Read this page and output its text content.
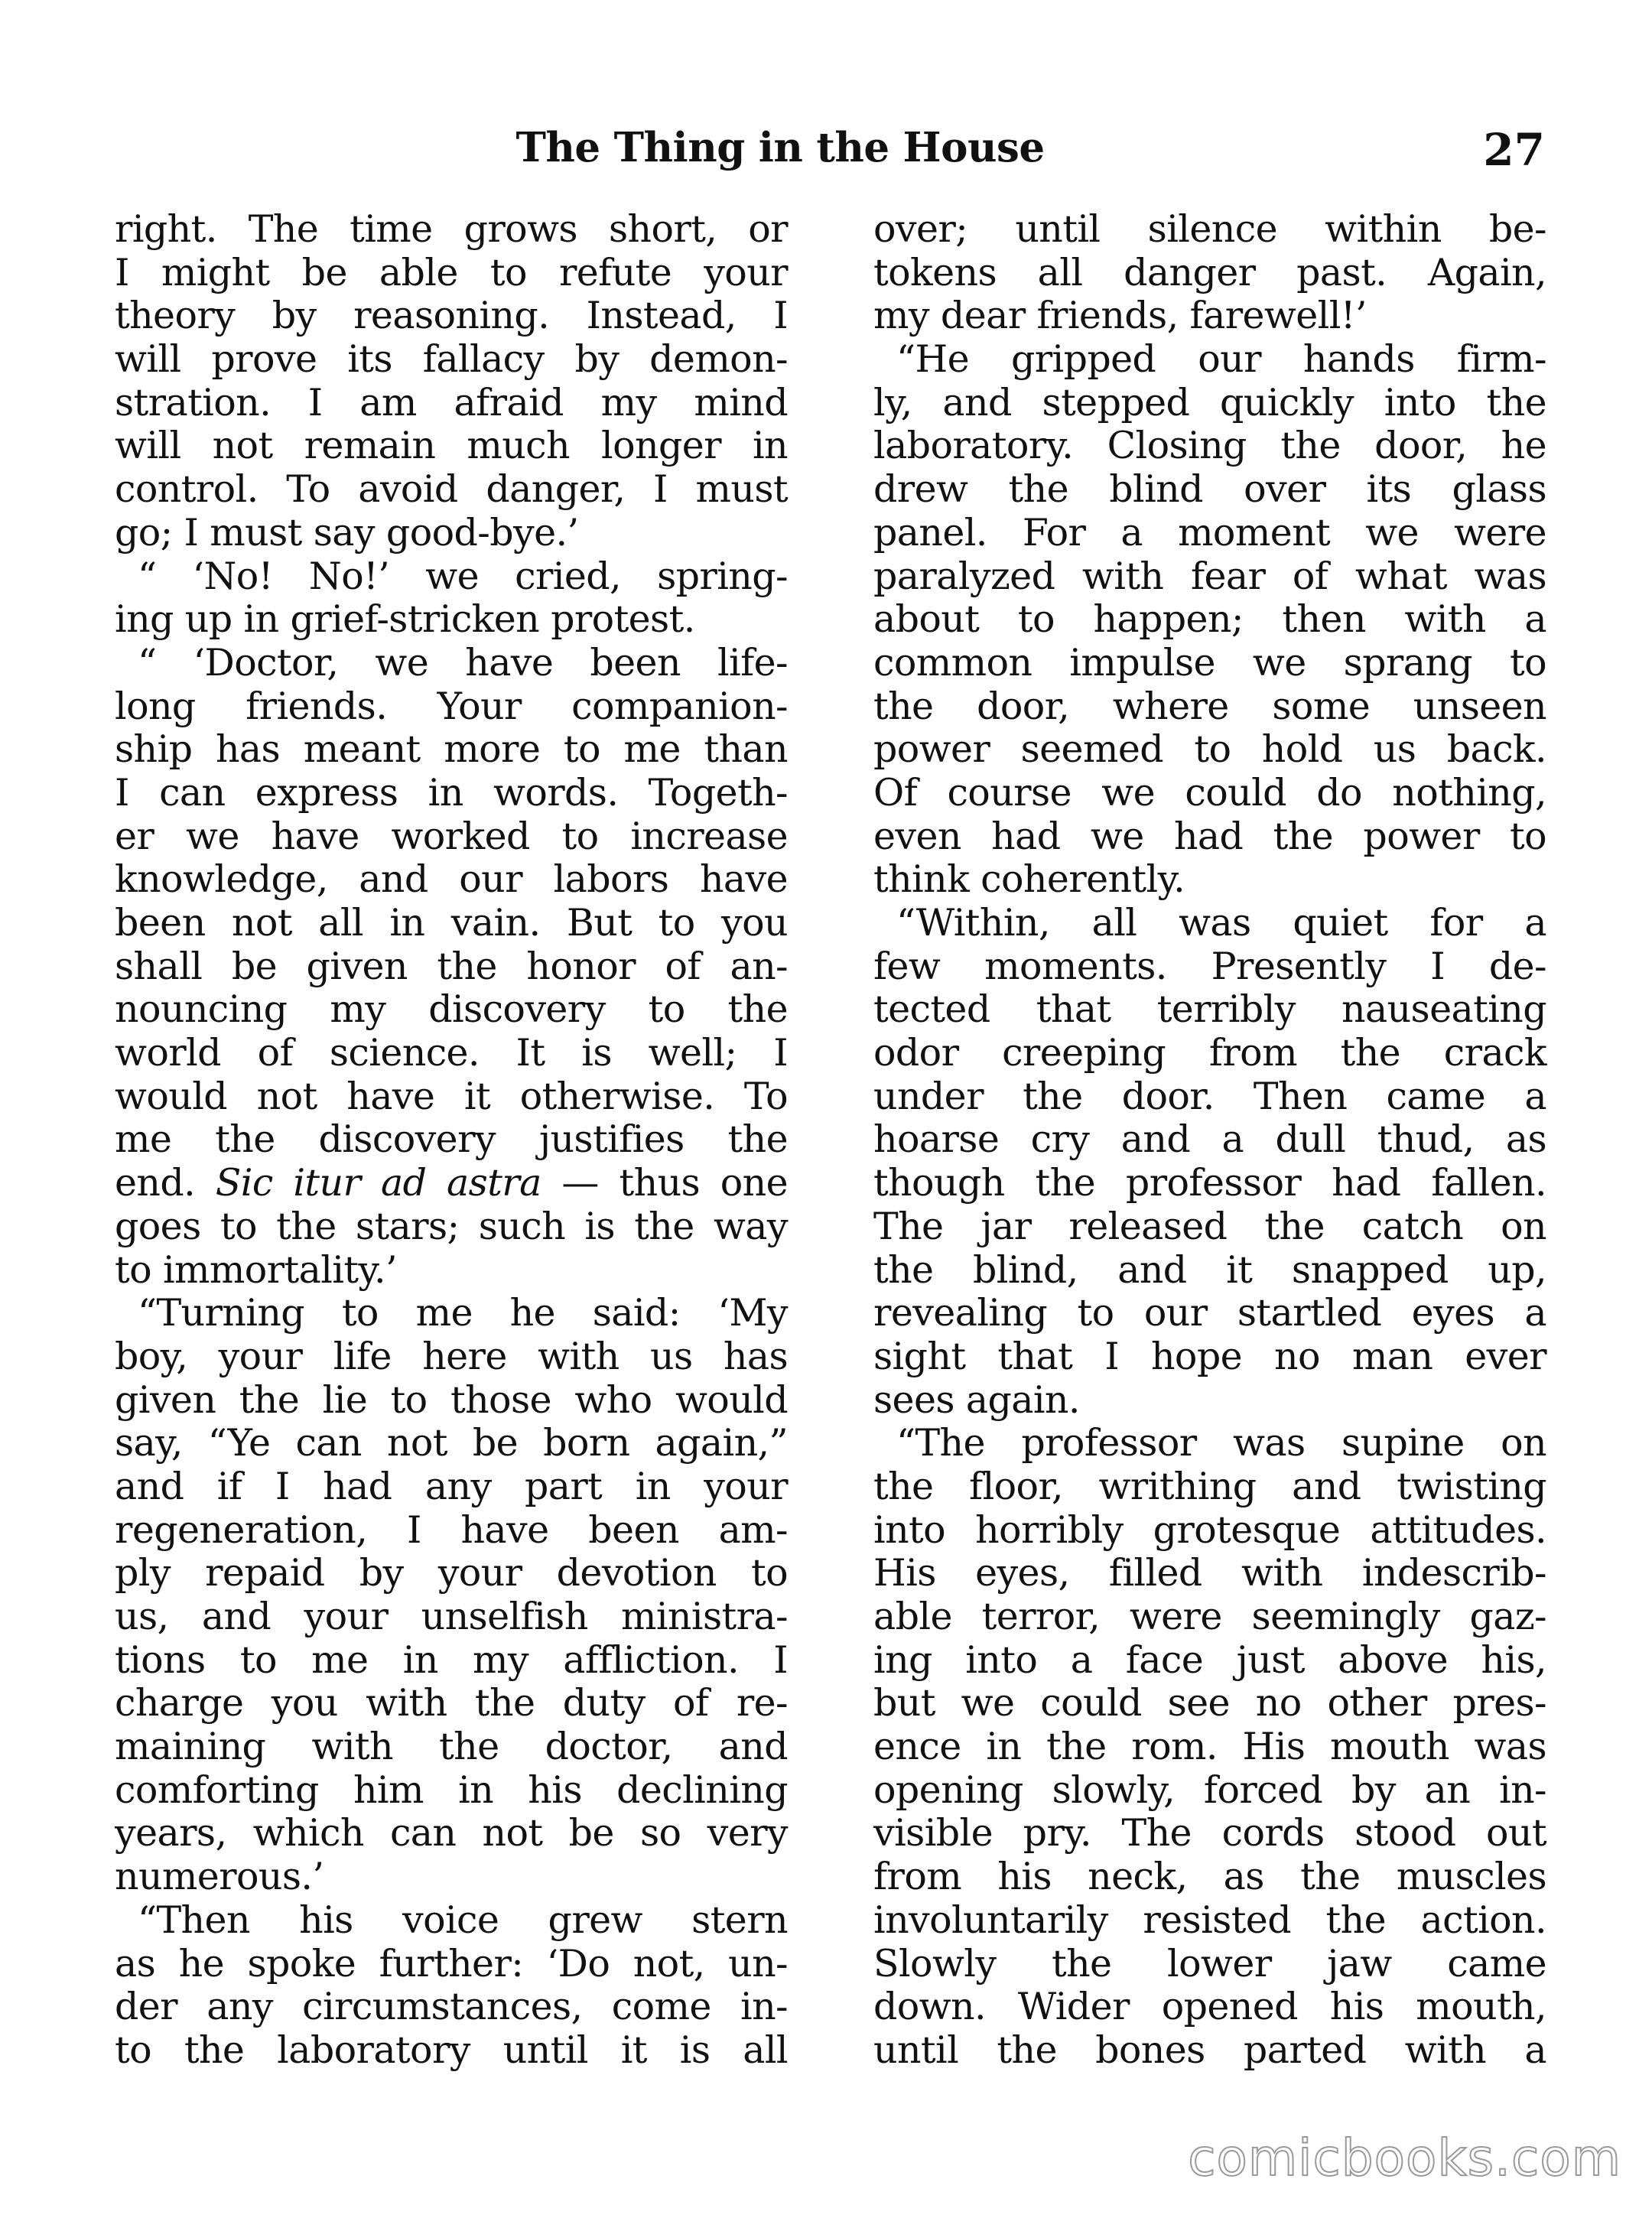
The Thing in the House	27
right. The time grows short, or
I might be able to refute your
theory by reasoning. Instead, I
will prove its fallacy by demon-
stration. I am afraid my mind
will not remain much longer in
control. To avoid danger, I must
go; I must say good-bye.’
“ ‘No! No!’ we cried, spring-
ing up in grief-stricken protest.
“ ‘Doctor, we have been life-
long friends. Your companion-
ship has meant more to me than
I can express in words. Togeth-
er we have worked to increase
knowledge, and our labors have
been not all in vain. But to you
shall be given the honor of an-
nouncing my discovery to the
world of science. It is well; I
would not have it otherwise. To
me the discovery justifies the
end. Sic itur ad astra — thus one
goes to the stars; such is the way
to immortality.’
“Turning to me he said: ‘My
boy, your life here with us has
given the lie to those who would
say, “Ye can not be born again,”
and if I had any part in your
regeneration, I have been am-
ply repaid by your devotion to
us, and your unselfish ministra-
tions to me in my affliction. I
charge you with the duty of re-
maining with the doctor, and
comforting him in his declining
years, which can not be so very
numerous.’
“Then his voice grew stern
as he spoke further: ‘Do not, un-
der any circumstances, come in-
to the laboratory until it is all
over; until silence within be-
tokens all danger past. Again,
my dear friends, farewell!’
“He gripped our hands firm-
ly, and stepped quickly into the
laboratory. Closing the door, he
drew the blind over its glass
panel. For a moment we were
paralyzed with fear of what was
about to happen; then with a
common impulse we sprang to
the door, where some unseen
power seemed to hold us back.
Of course we could do nothing,
even had we had the power to
think coherently.
“Within, all was quiet for a
few moments. Presently I de-
tected that terribly nauseating
odor creeping from the crack
under the door. Then came a
hoarse cry and a dull thud, as
though the professor had fallen.
The jar released the catch on
the blind, and it snapped up,
revealing to our startled eyes a
sight that I hope no man ever
sees again.
“The professor was supine on
the floor, writhing and twisting
into horribly grotesque attitudes.
His eyes, filled with indescrib-
able terror, were seemingly gaz-
ing into a face just above his,
but we could see no other pres-
ence in the rom. His mouth was
opening slowly, forced by an in-
visible pry. The cords stood out
from his neck, as the muscles
involuntarily resisted the action.
Slowly the lower jaw came
down. Wider opened his mouth,
until the bones parted with a
comicbooks.com
